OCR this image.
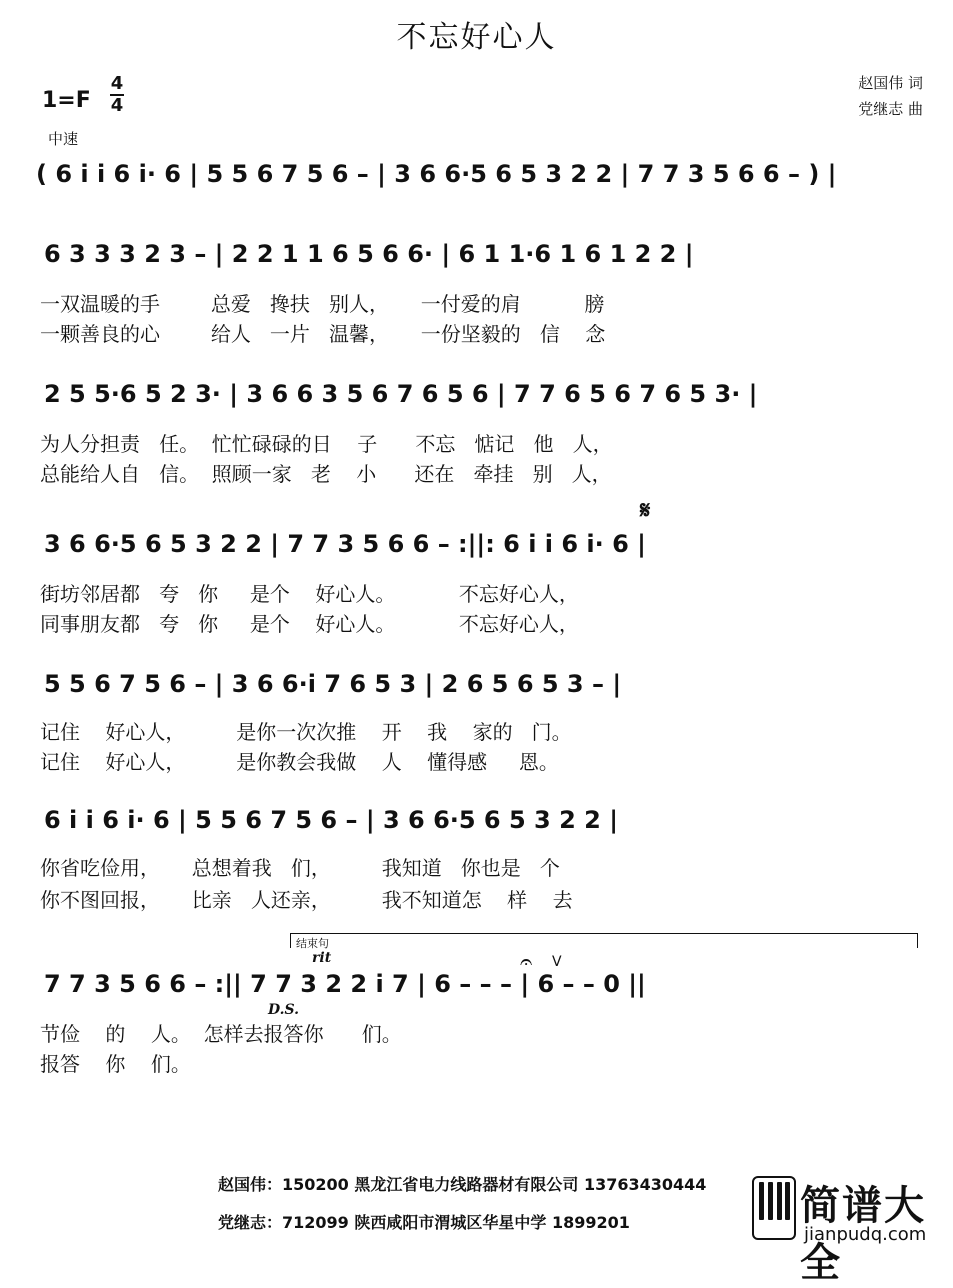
不忘好心人
1=F
4
4
中速
赵国伟 词
党继志 曲
( 6 i i 6 i· 6 | 5 5 6 7 5 6 – | 3 6 6·5 6 5 3 2 2 | 7 7 3 5 6 6 – ) |
6 3 3 3 2 3 – | 2 2 1 1 6 5 6 6· | 6 1 1·6 1 6 1 2 2 |
一双温暖的手        总爱   搀扶   别人，     一付爱的肩          膀
一颗善良的心        给人   一片   温馨，     一份坚毅的   信    念
2 5 5·6 5 2 3· | 3 6 6 3 5 6 7 6 5 6 | 7 7 6 5 6 7 6 5 3· |
为人分担责   任。  忙忙碌碌的日    子      不忘   惦记   他   人，
总能给人自   信。  照顾一家   老    小      还在   牵挂   别   人，
𝄋
3 6 6·5 6 5 3 2 2 | 7 7 3 5 6 6 – :||: 6 i i 6 i· 6 |
街坊邻居都   夸   你     是个    好心人。          不忘好心人，
同事朋友都   夸   你     是个    好心人。          不忘好心人，
5 5 6 7 5 6 – | 3 6 6·i 7 6 5 3 | 2 6 5 6 5 3 – |
记住    好心人，        是你一次次推    开    我    家的   门。
记住    好心人，        是你教会我做    人    懂得感     恩。
6 i i 6 i· 6 | 5 5 6 7 5 6 – | 3 6 6·5 6 5 3 2 2 |
你省吃俭用，     总想着我   们，        我知道   你也是   个
你不图回报，     比亲   人还亲，        我不知道怎    样    去
结束句
rit	𝄐 V
7 7 3 5 6 6 – :|| 7 7 3 2 2 i 7 | 6 – – – | 6 – – 0 ||
D.S.
节俭    的    人。  怎样去报答你      们。
报答    你    们。
赵国伟：150200 黑龙江省电力线路器材有限公司 13763430444
党继志：712099 陕西咸阳市渭城区华星中学 1899201	简谱大全
jianpudq.com
